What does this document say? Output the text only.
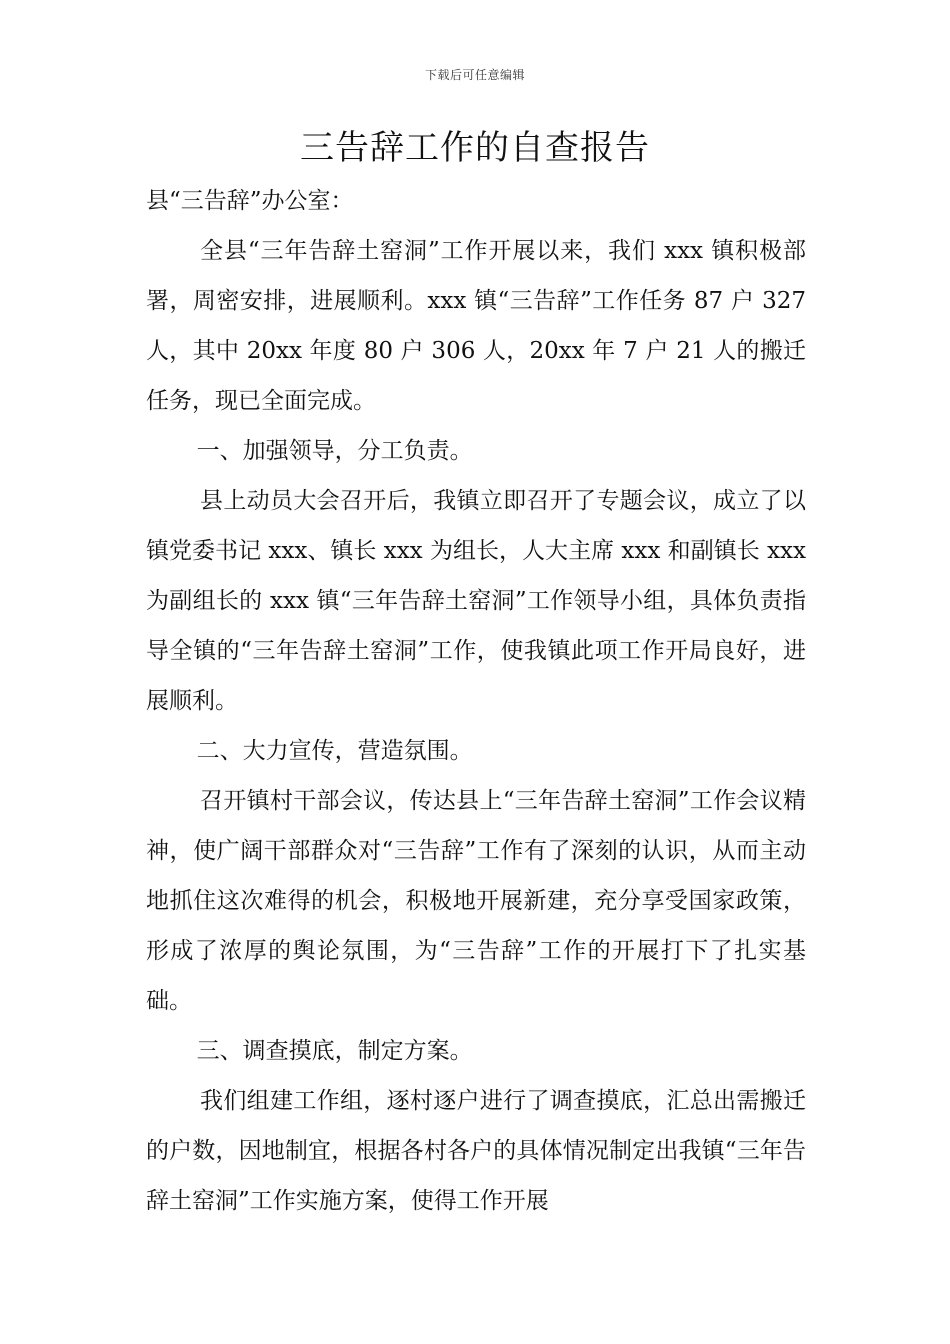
下载后可任意编辑
三告辞工作的自查报告

县“三告辞”办公室：

全县“三年告辞土窑洞”工作开展以来，我们 xxx 镇积极部署，周密安排，进展顺利。xxx 镇“三告辞”工作任务 87 户 327 人，其中 20xx 年度 80 户 306 人，20xx 年 7 户 21 人的搬迁任务，现已全面完成。

一、加强领导，分工负责。

县上动员大会召开后，我镇立即召开了专题会议，成立了以镇党委书记 xxx、镇长 xxx 为组长，人大主席 xxx 和副镇长 xxx 为副组长的 xxx 镇“三年告辞土窑洞”工作领导小组，具体负责指导全镇的“三年告辞土窑洞”工作，使我镇此项工作开局良好，进展顺利。

二、大力宣传，营造氛围。

召开镇村干部会议，传达县上“三年告辞土窑洞”工作会议精神，使广阔干部群众对“三告辞”工作有了深刻的认识，从而主动地抓住这次难得的机会，积极地开展新建，充分享受国家政策，形成了浓厚的舆论氛围，为“三告辞”工作的开展打下了扎实基础。

三、调查摸底，制定方案。

我们组建工作组，逐村逐户进行了调查摸底，汇总出需搬迁的户数，因地制宜，根据各村各户的具体情况制定出我镇“三年告辞土窑洞”工作实施方案，使得工作开展
